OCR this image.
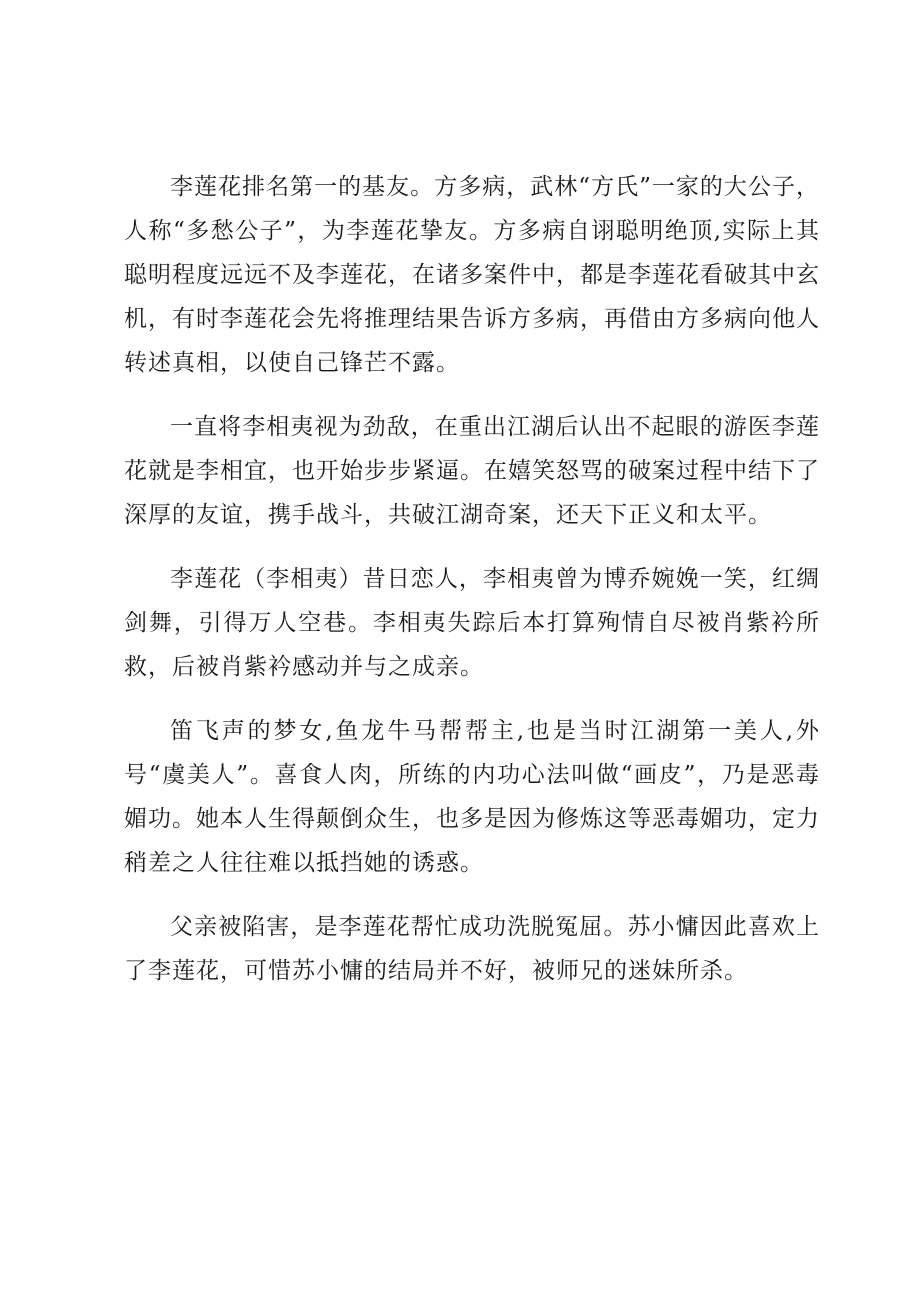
李莲花排名第一的基友。方多病，武林“方氏”一家的大公子，人称“多愁公子”，为李莲花挚友。方多病自诩聪明绝顶,实际上其聪明程度远远不及李莲花，在诸多案件中，都是李莲花看破其中玄机，有时李莲花会先将推理结果告诉方多病，再借由方多病向他人转述真相，以使自己锋芒不露。

一直将李相夷视为劲敌，在重出江湖后认出不起眼的游医李莲花就是李相宜，也开始步步紧逼。在嬉笑怒骂的破案过程中结下了深厚的友谊，携手战斗，共破江湖奇案，还天下正义和太平。

李莲花（李相夷）昔日恋人，李相夷曾为博乔婉娩一笑，红绸剑舞，引得万人空巷。李相夷失踪后本打算殉情自尽被肖紫衿所救，后被肖紫衿感动并与之成亲。

笛飞声的梦女,鱼龙牛马帮帮主,也是当时江湖第一美人,外号“虞美人”。喜食人肉，所练的内功心法叫做“画皮”，乃是恶毒媚功。她本人生得颠倒众生，也多是因为修炼这等恶毒媚功，定力稍差之人往往难以抵挡她的诱惑。

父亲被陷害，是李莲花帮忙成功洗脱冤屈。苏小慵因此喜欢上了李莲花，可惜苏小慵的结局并不好，被师兄的迷妹所杀。
